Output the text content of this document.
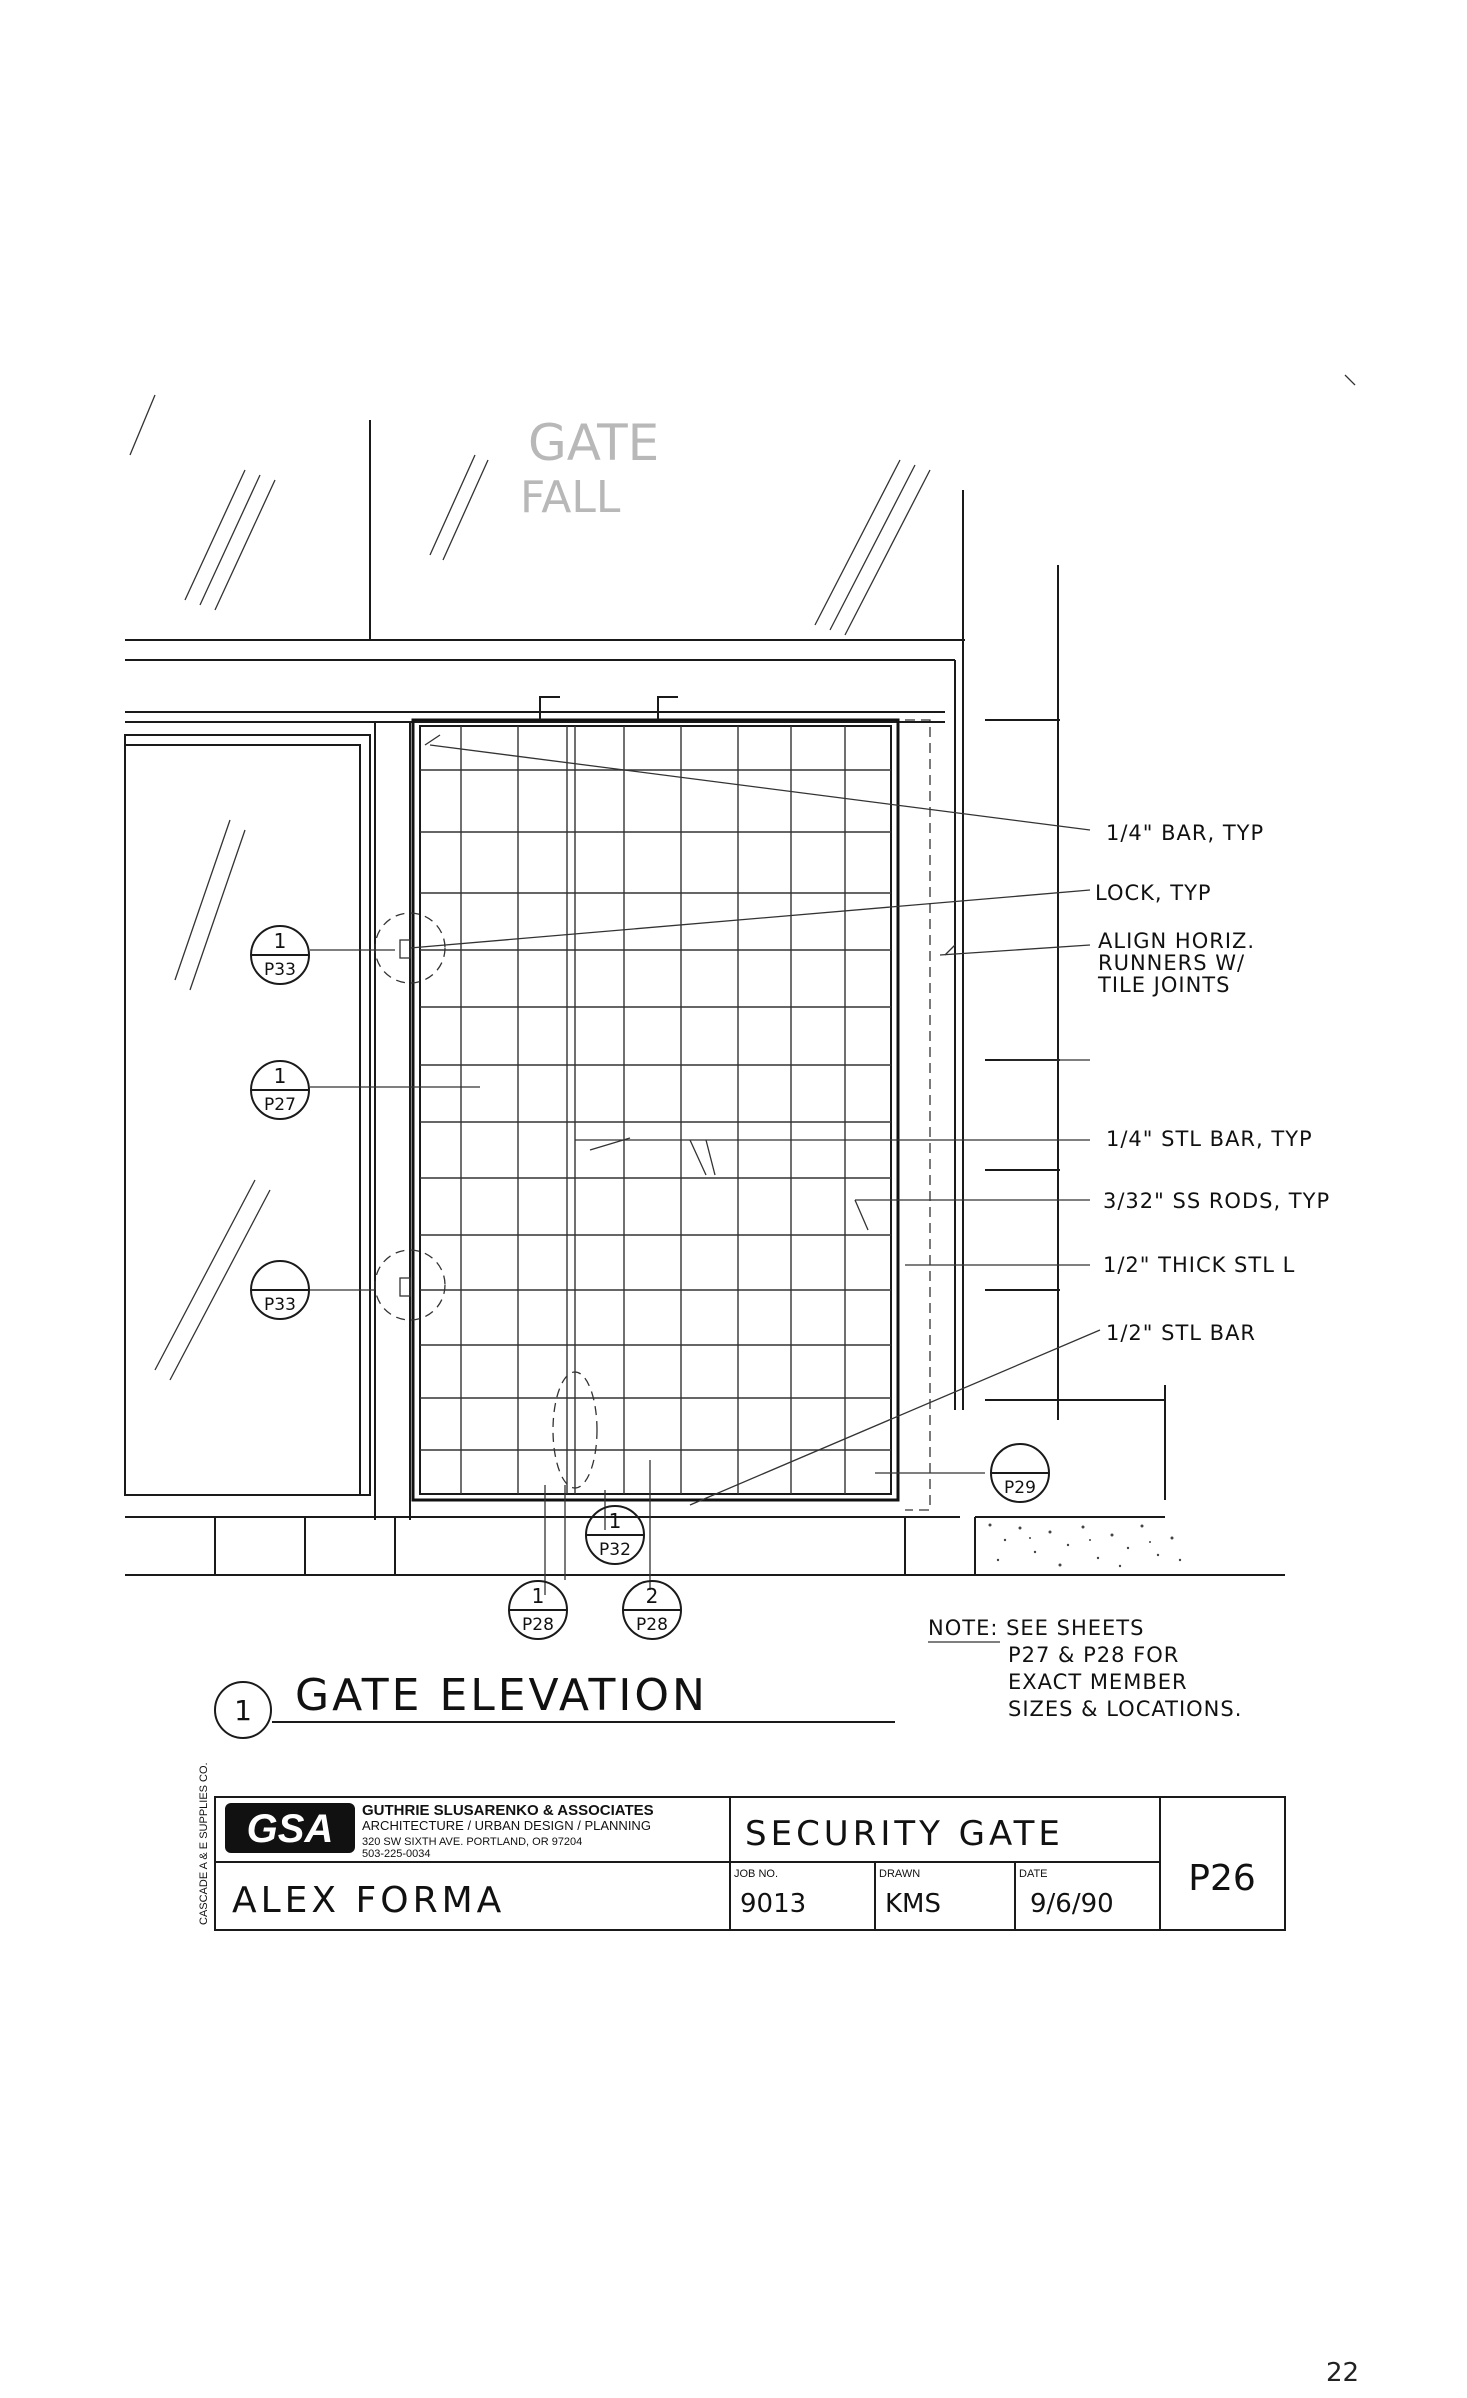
GATE
FALL
1/4" BAR, TYP
LOCK, TYP
ALIGN HORIZ.
RUNNERS W/
TILE JOINTS
1/4" STL BAR, TYP
3/32" SS RODS, TYP
1/2" THICK STL L
1/2" STL BAR
1
P33
1
P27
P33
1
P32
1
P28
2
P28
P29
NOTE: SEE SHEETS
P27 & P28 FOR
EXACT MEMBER
SIZES & LOCATIONS.
1 GATE ELEVATION
CASCADE A & E SUPPLIES CO. GSA GUTHRIE SLUSARENKO & ASSOCIATES
ARCHITECTURE / URBAN DESIGN / PLANNING
320 SW SIXTH AVE. PORTLAND, OR 97204
503-225-0034	SECURITY GATE
ALEX FORMA
JOB NO.
9013
DRAWN
KMS
DATE
9/6/90
P26
22
